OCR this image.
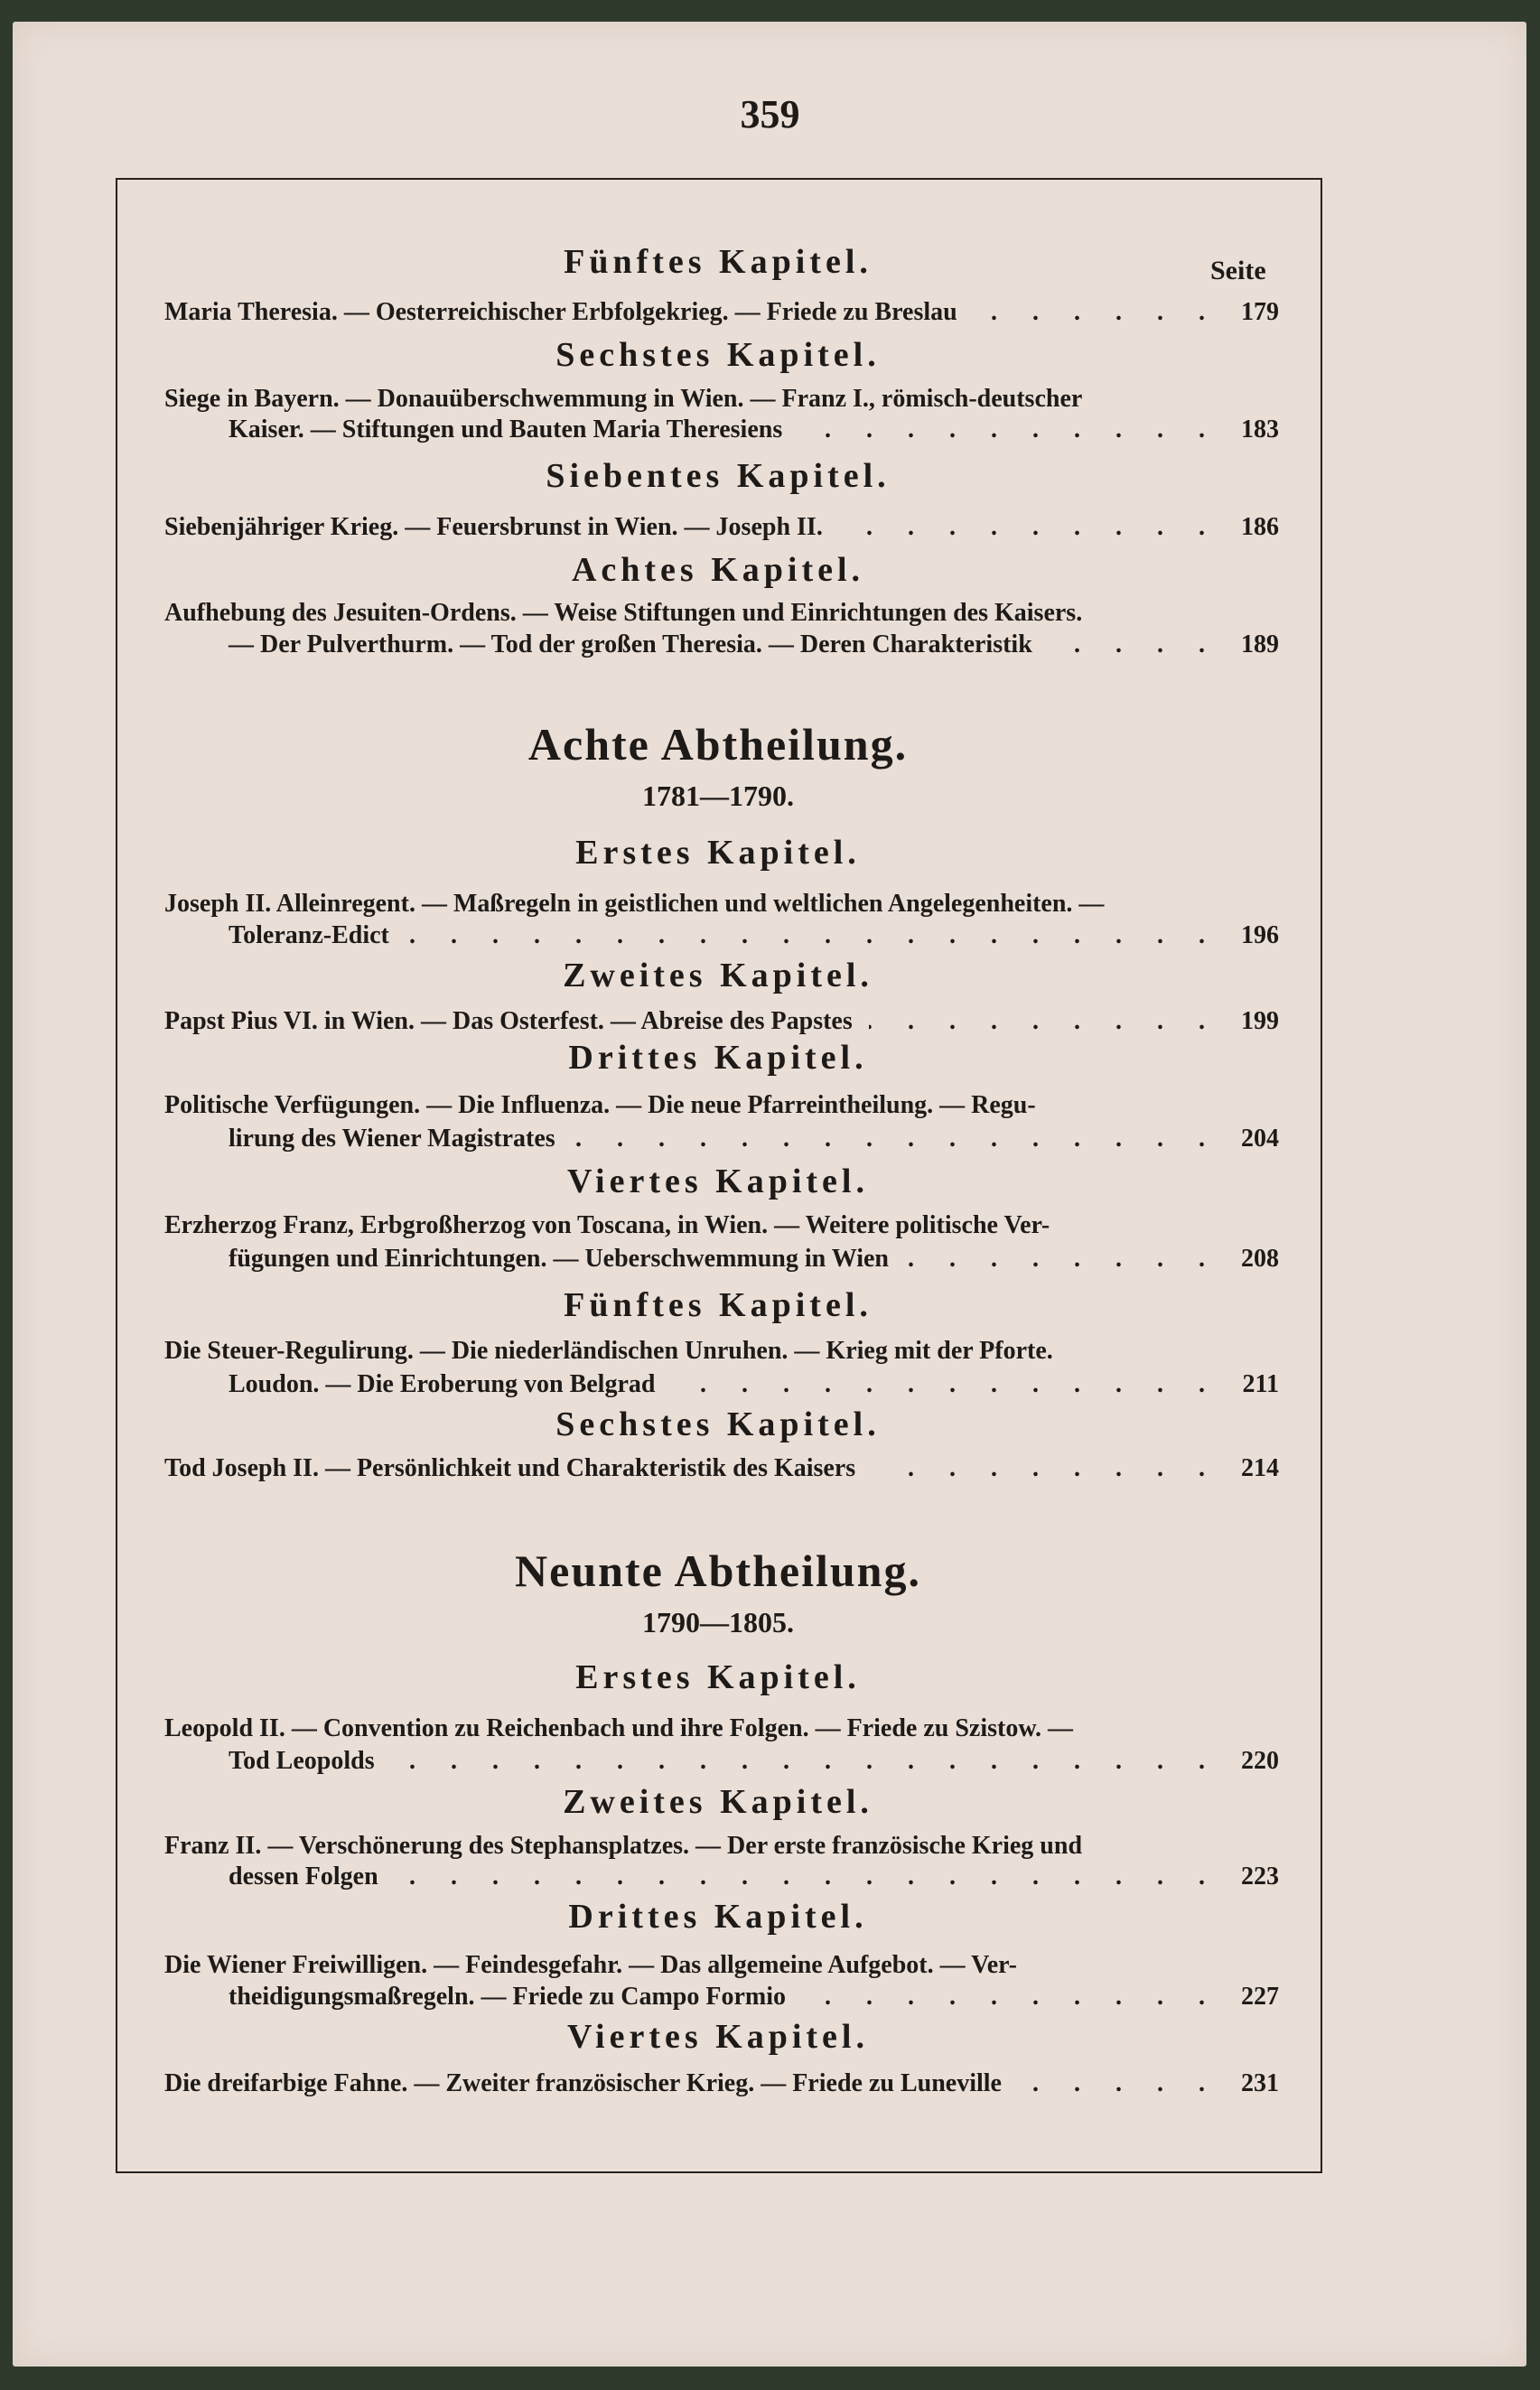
359
Seite
Fünftes Kapitel.
Maria Theresia. — Oesterreichischer Erbfolgekrieg. — Friede zu Breslau . . .	179
Sechstes Kapitel.
Siege in Bayern. — Donauüberschwemmung in Wien. — Franz I., römisch-deutscher
Kaiser. — Stiftungen und Bauten Maria Theresiens . . .	183
Siebentes Kapitel.
Siebenjähriger Krieg. — Feuersbrunst in Wien. — Joseph II. . . .	186
Achtes Kapitel.
Aufhebung des Jesuiten-Ordens. — Weise Stiftungen und Einrichtungen des Kaisers.
— Der Pulverthurm. — Tod der großen Theresia. — Deren Charakteristik . . .	189
Achte Abtheilung.
1781—1790.
Erstes Kapitel.
Joseph II. Alleinregent. — Maßregeln in geistlichen und weltlichen Angelegenheiten. —
Toleranz-Edict . . .	196
Zweites Kapitel.
Papst Pius VI. in Wien. — Das Osterfest. — Abreise des Papstes . . .	199
Drittes Kapitel.
Politische Verfügungen. — Die Influenza. — Die neue Pfarreintheilung. — Regu-
lirung des Wiener Magistrates . . .	204
Viertes Kapitel.
Erzherzog Franz, Erbgroßherzog von Toscana, in Wien. — Weitere politische Ver-
fügungen und Einrichtungen. — Ueberschwemmung in Wien . . .	208
Fünftes Kapitel.
Die Steuer-Regulirung. — Die niederländischen Unruhen. — Krieg mit der Pforte.
Loudon. — Die Eroberung von Belgrad . . .	211
Sechstes Kapitel.
Tod Joseph II. — Persönlichkeit und Charakteristik des Kaisers . . .	214
Neunte Abtheilung.
1790—1805.
Erstes Kapitel.
Leopold II. — Convention zu Reichenbach und ihre Folgen. — Friede zu Szistow. —
Tod Leopolds . . .	220
Zweites Kapitel.
Franz II. — Verschönerung des Stephansplatzes. — Der erste französische Krieg und
dessen Folgen . . .	223
Drittes Kapitel.
Die Wiener Freiwilligen. — Feindesgefahr. — Das allgemeine Aufgebot. — Ver-
theidigungsmaßregeln. — Friede zu Campo Formio . . .	227
Viertes Kapitel.
Die dreifarbige Fahne. — Zweiter französischer Krieg. — Friede zu Luneville . . .	231
